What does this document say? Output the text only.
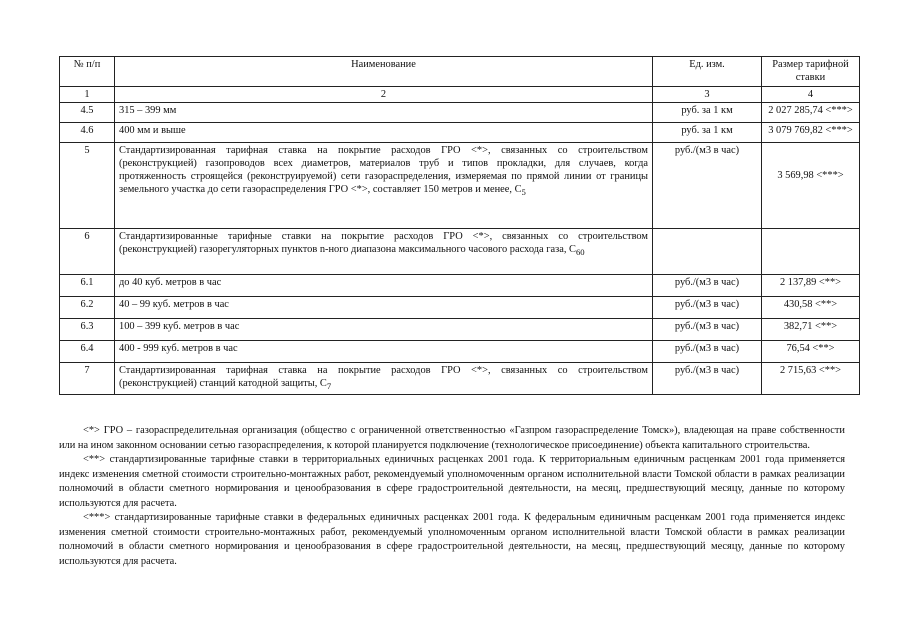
№ п/п	Наименование	Ед. изм.	Размер тарифной ставки
1	2	3	4
4.5	315 – 399 мм	руб. за 1 км	2 027 285,74 <***>
4.6	400 мм и выше	руб. за 1 км	3 079 769,82 <***>
5	Стандартизированная тарифная ставка на покрытие расходов ГРО <*>, связанных со строительством (реконструкцией) газопроводов всех диаметров, материалов труб и типов прокладки, для случаев, когда протяженность строящейся (реконструируемой) сети газораспределения, измеряемая по прямой линии от границы земельного участка до сети газораспределения ГРО <*>, составляет 150 метров и менее, $C_5$	руб./(м3 в час)	3 569,98 <***>
6	Стандартизированные тарифные ставки на покрытие расходов ГРО <*>, связанных со строительством (реконструкцией) газорегуляторных пунктов n-ного диапазона максимального часового расхода газа, $C_{60}$		
6.1	до 40 куб. метров в час	руб./(м3 в час)	2 137,89 <**>
6.2	40 – 99 куб. метров в час	руб./(м3 в час)	430,58 <**>
6.3	100 – 399 куб. метров в час	руб./(м3 в час)	382,71 <**>
6.4	400 - 999 куб. метров в час	руб./(м3 в час)	76,54 <**>
7	Стандартизированная тарифная ставка на покрытие расходов ГРО <*>, связанных со строительством (реконструкцией) станций катодной защиты, $C_7$	руб./(м3 в час)	2 715,63 <**>

<*> ГРО – газораспределительная организация (общество с ограниченной ответственностью «Газпром газораспределение Томск»), владеющая на праве собственности или на ином законном основании сетью газораспределения, к которой планируется подключение (технологическое присоединение) объекта капитального строительства.

<**> стандартизированные тарифные ставки в территориальных единичных расценках 2001 года. К территориальным единичным расценкам 2001 года применяется индекс изменения сметной стоимости строительно-монтажных работ, рекомендуемый уполномоченным органом исполнительной власти Томской области в рамках реализации полномочий в области сметного нормирования и ценообразования в сфере градостроительной деятельности, на месяц, предшествующий месяцу, данные по которому используются для расчета.

<***> стандартизированные тарифные ставки в федеральных единичных расценках 2001 года. К федеральным единичным расценкам 2001 года применяется индекс изменения сметной стоимости строительно-монтажных работ, рекомендуемый уполномоченным органом исполнительной власти Томской области в рамках реализации полномочий в области сметного нормирования и ценообразования в сфере градостроительной деятельности, на месяц, предшествующий месяцу, данные по которому используются для расчета.
